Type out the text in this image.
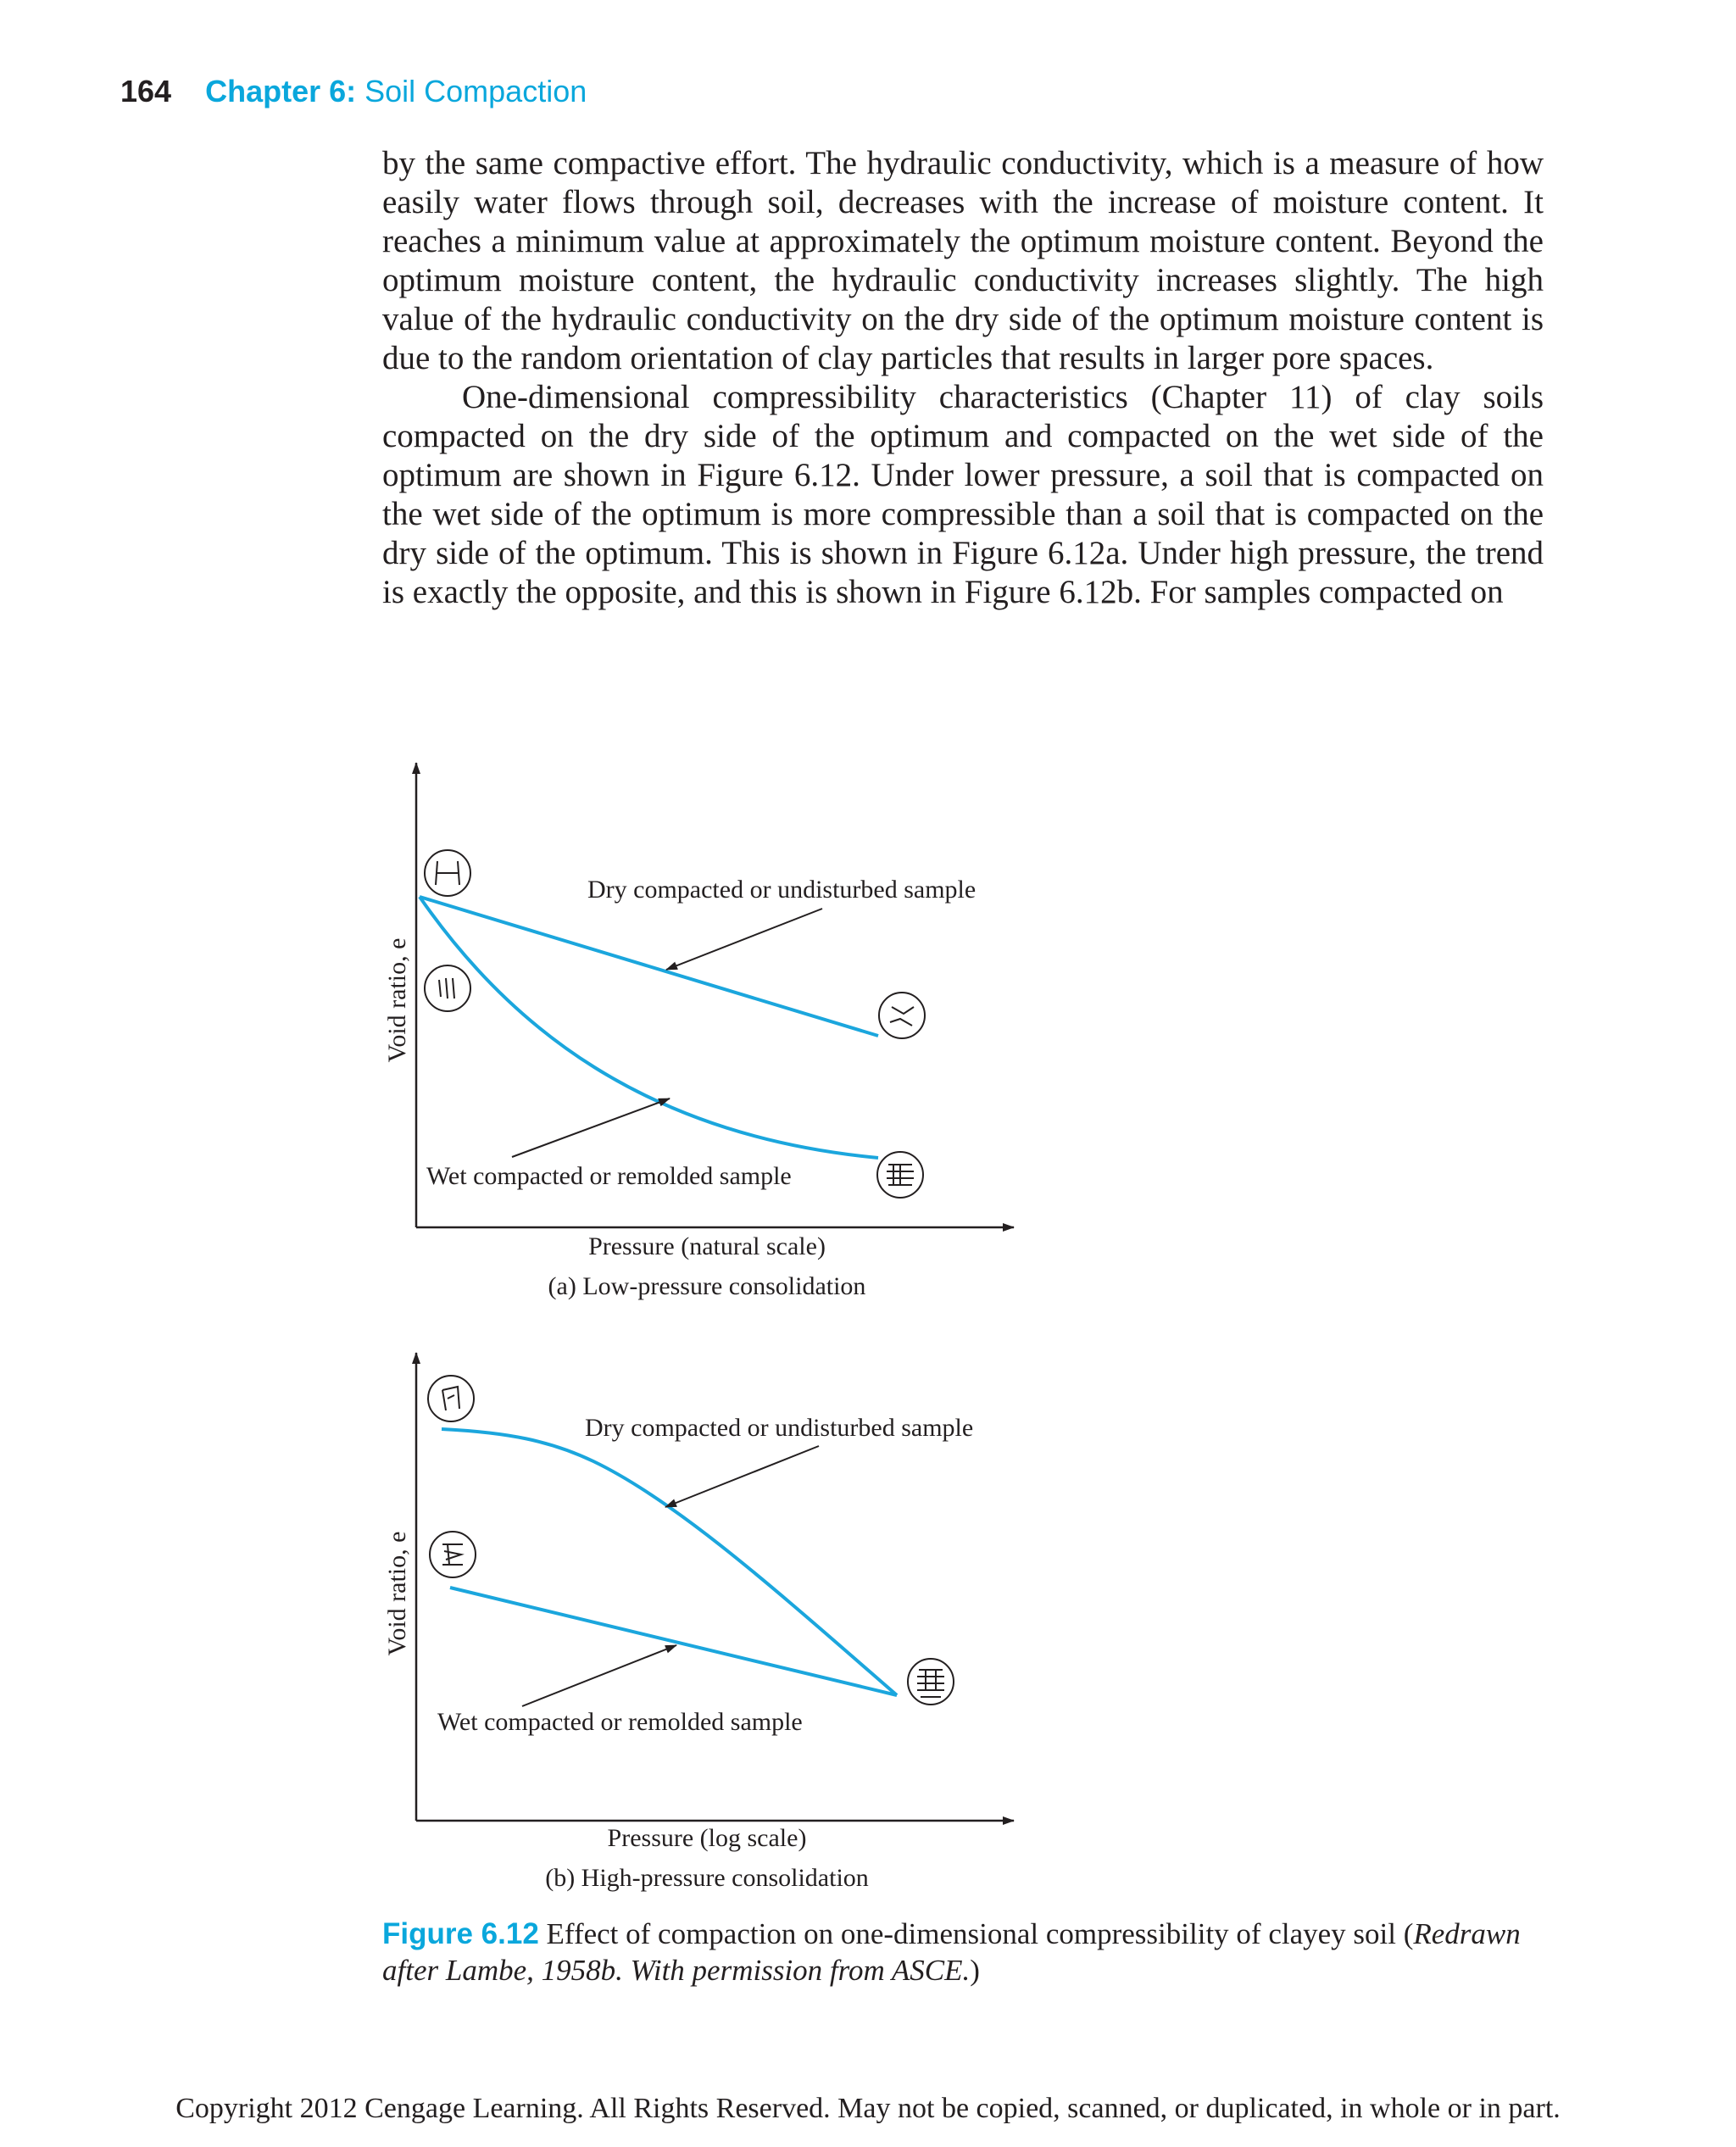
164 Chapter 6: Soil Compaction

by the same compactive effort. The hydraulic conductivity, which is a measure of how easily water flows through soil, decreases with the increase of moisture content. It reaches a minimum value at approximately the optimum moisture content. Beyond the optimum moisture content, the hydraulic conductivity increases slightly. The high value of the hydraulic conductivity on the dry side of the optimum moisture content is due to the random orientation of clay particles that results in larger pore spaces.

One-dimensional compressibility characteristics (Chapter 11) of clay soils compacted on the dry side of the optimum and compacted on the wet side of the optimum are shown in Figure 6.12. Under lower pressure, a soil that is compacted on the wet side of the optimum is more compressible than a soil that is compacted on the dry side of the optimum. This is shown in Figure 6.12a. Under high pressure, the trend is exactly the opposite, and this is shown in Figure 6.12b. For samples compacted on

Void ratio, e
Dry compacted or undisturbed sample
Wet compacted or remolded sample
Pressure (natural scale)
(a) Low-pressure consolidation
Void ratio, e
Dry compacted or undisturbed sample
Wet compacted or remolded sample
Pressure (log scale)
(b) High-pressure consolidation

Figure 6.12 Effect of compaction on one-dimensional compressibility of clayey soil (Redrawn after Lambe, 1958b. With permission from ASCE.)

Copyright 2012 Cengage Learning. All Rights Reserved. May not be copied, scanned, or duplicated, in whole or in part.
